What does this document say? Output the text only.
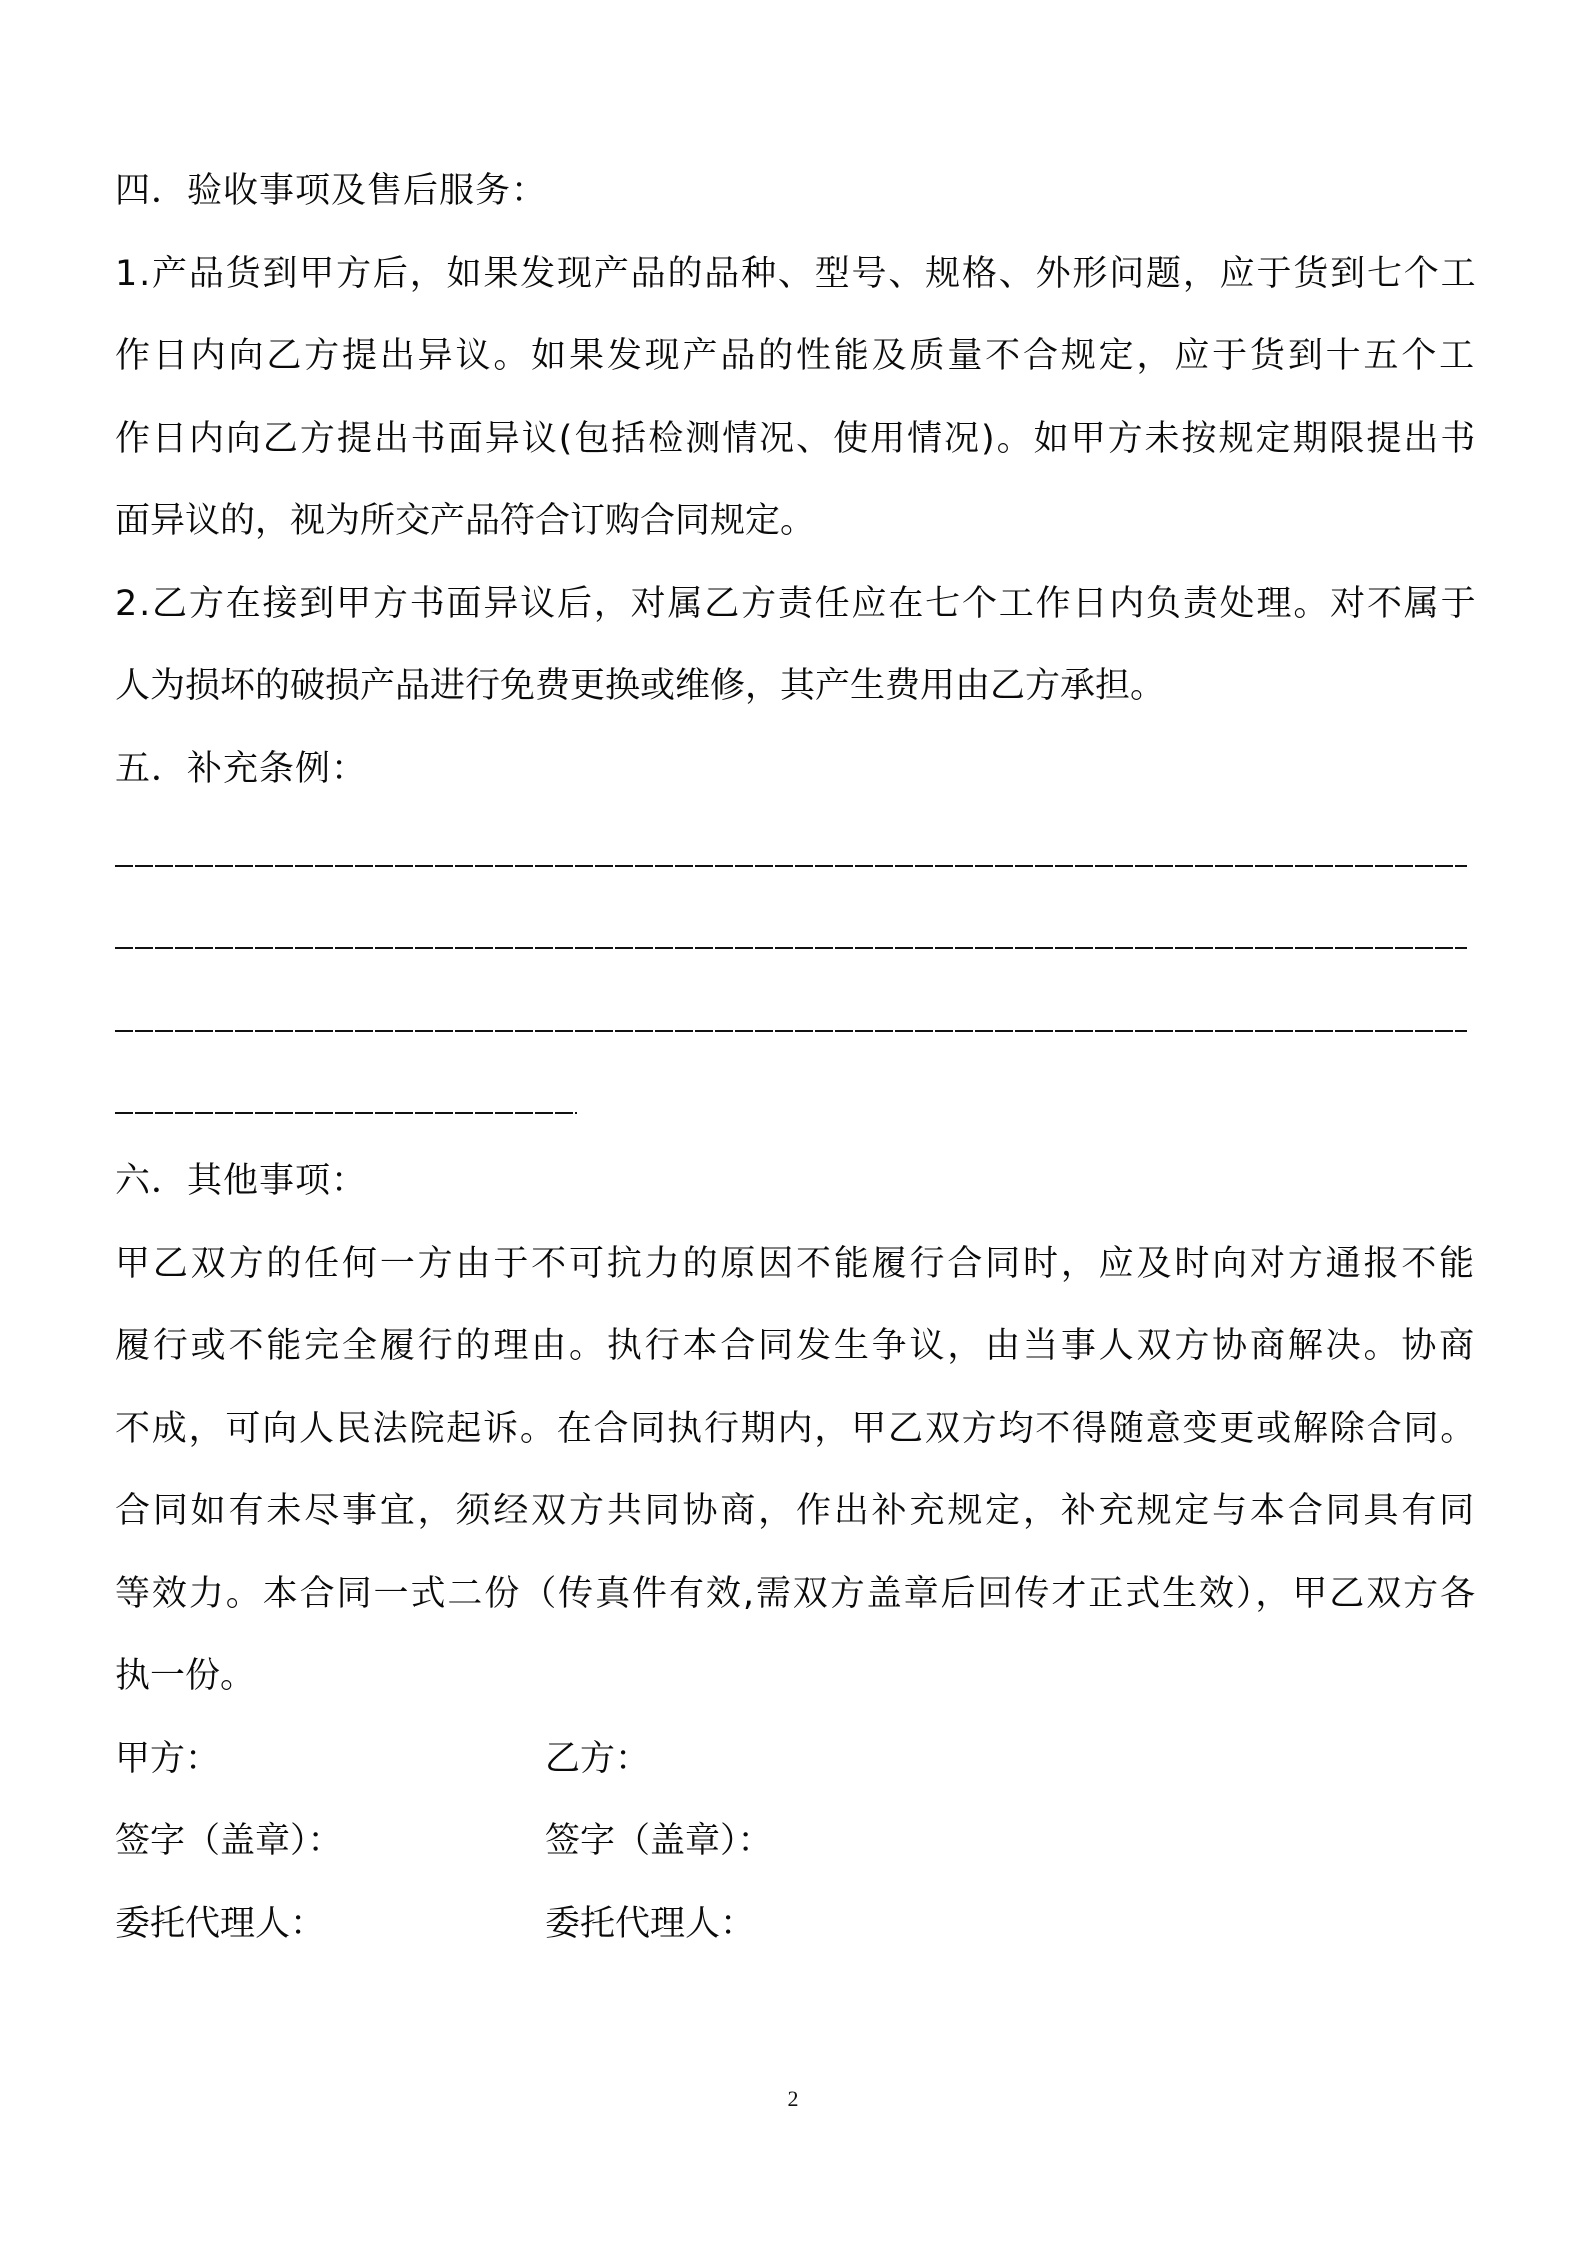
四．验收事项及售后服务：
1.产品货到甲方后，如果发现产品的品种、型号、规格、外形问题，应于货到七个工
作日内向乙方提出异议。如果发现产品的性能及质量不合规定，应于货到十五个工
作日内向乙方提出书面异议(包括检测情况、使用情况)。如甲方未按规定期限提出书
面异议的，视为所交产品符合订购合同规定。
2.乙方在接到甲方书面异议后，对属乙方责任应在七个工作日内负责处理。对不属于
人为损坏的破损产品进行免费更换或维修，其产生费用由乙方承担。
五．补充条例：
六．其他事项：
甲乙双方的任何一方由于不可抗力的原因不能履行合同时，应及时向对方通报不能
履行或不能完全履行的理由。执行本合同发生争议，由当事人双方协商解决。协商
不成，可向人民法院起诉。在合同执行期内，甲乙双方均不得随意变更或解除合同。
合同如有未尽事宜，须经双方共同协商，作出补充规定，补充规定与本合同具有同
等效力。本合同一式二份（传真件有效,需双方盖章后回传才正式生效），甲乙双方各
执一份。
甲方：	乙方：
签字（盖章）：	签字（盖章）：
委托代理人：	委托代理人：
2
